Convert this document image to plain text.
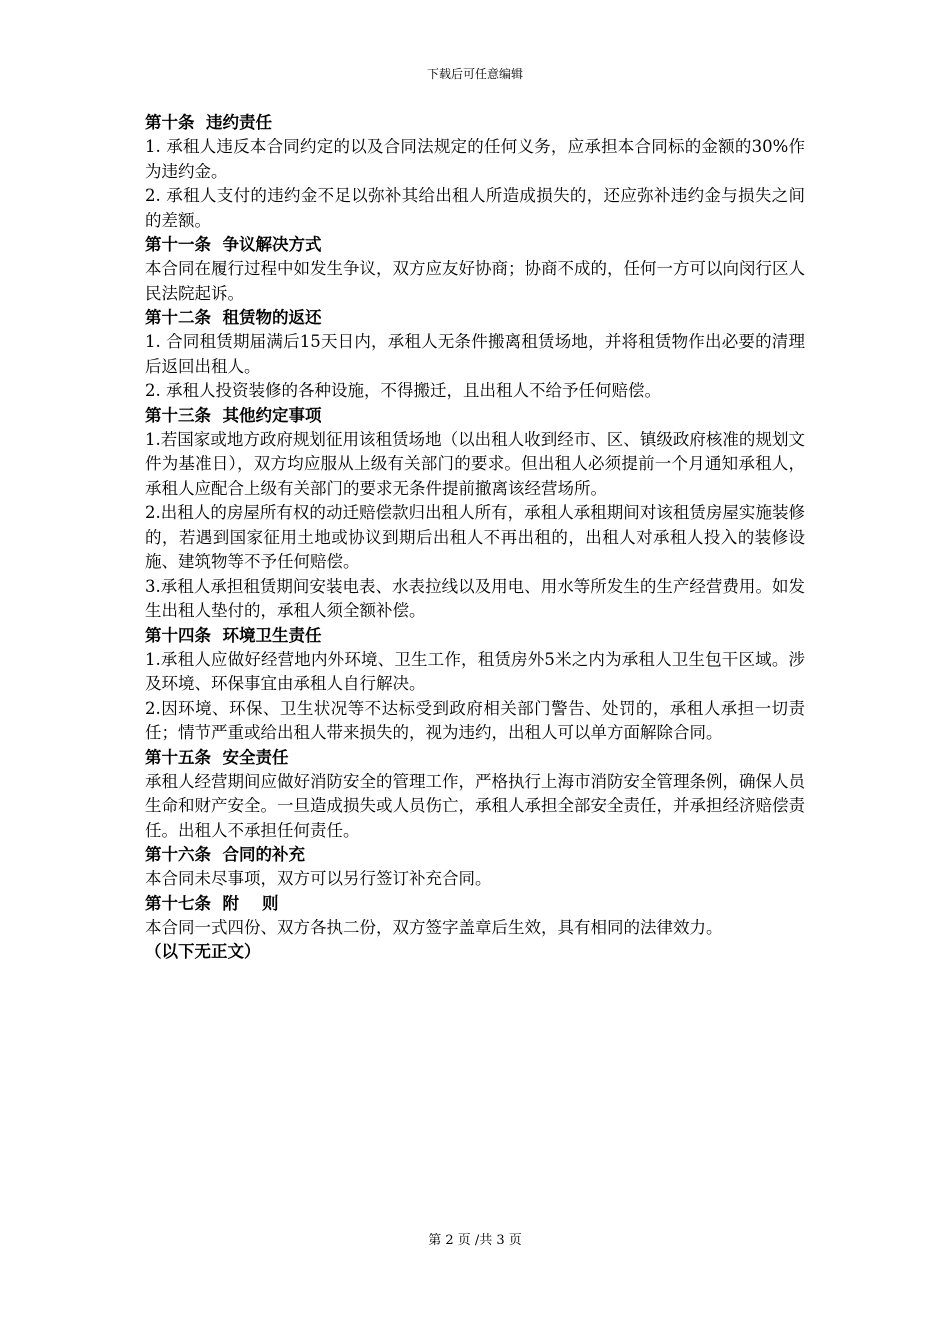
下载后可任意编辑

第十条  违约责任

1. 承租人违反本合同约定的以及合同法规定的任何义务，应承担本合同标的金额的30%作为违约金。

2. 承租人支付的违约金不足以弥补其给出租人所造成损失的，还应弥补违约金与损失之间的差额。

第十一条  争议解决方式

本合同在履行过程中如发生争议，双方应友好协商；协商不成的，任何一方可以向闵行区人民法院起诉。

第十二条  租赁物的返还

1. 合同租赁期届满后15天日内，承租人无条件搬离租赁场地，并将租赁物作出必要的清理后返回出租人。

2. 承租人投资装修的各种设施，不得搬迁，且出租人不给予任何赔偿。

第十三条  其他约定事项

1.若国家或地方政府规划征用该租赁场地（以出租人收到经市、区、镇级政府核准的规划文件为基准日），双方均应服从上级有关部门的要求。但出租人必须提前一个月通知承租人，承租人应配合上级有关部门的要求无条件提前撤离该经营场所。

2.出租人的房屋所有权的动迁赔偿款归出租人所有，承租人承租期间对该租赁房屋实施装修的，若遇到国家征用土地或协议到期后出租人不再出租的，出租人对承租人投入的装修设施、建筑物等不予任何赔偿。

3.承租人承担租赁期间安装电表、水表拉线以及用电、用水等所发生的生产经营费用。如发生出租人垫付的，承租人须全额补偿。

第十四条  环境卫生责任

1.承租人应做好经营地内外环境、卫生工作，租赁房外5米之内为承租人卫生包干区域。涉及环境、环保事宜由承租人自行解决。

2.因环境、环保、卫生状况等不达标受到政府相关部门警告、处罚的，承租人承担一切责任；情节严重或给出租人带来损失的，视为违约，出租人可以单方面解除合同。

第十五条  安全责任

承租人经营期间应做好消防安全的管理工作，严格执行上海市消防安全管理条例，确保人员生命和财产安全。一旦造成损失或人员伤亡，承租人承担全部安全责任，并承担经济赔偿责任。出租人不承担任何责任。

第十六条  合同的补充

本合同未尽事项，双方可以另行签订补充合同。

第十七条  附    则

本合同一式四份、双方各执二份，双方签字盖章后生效，具有相同的法律效力。

（以下无正文）

第 2 页 /共 3 页
